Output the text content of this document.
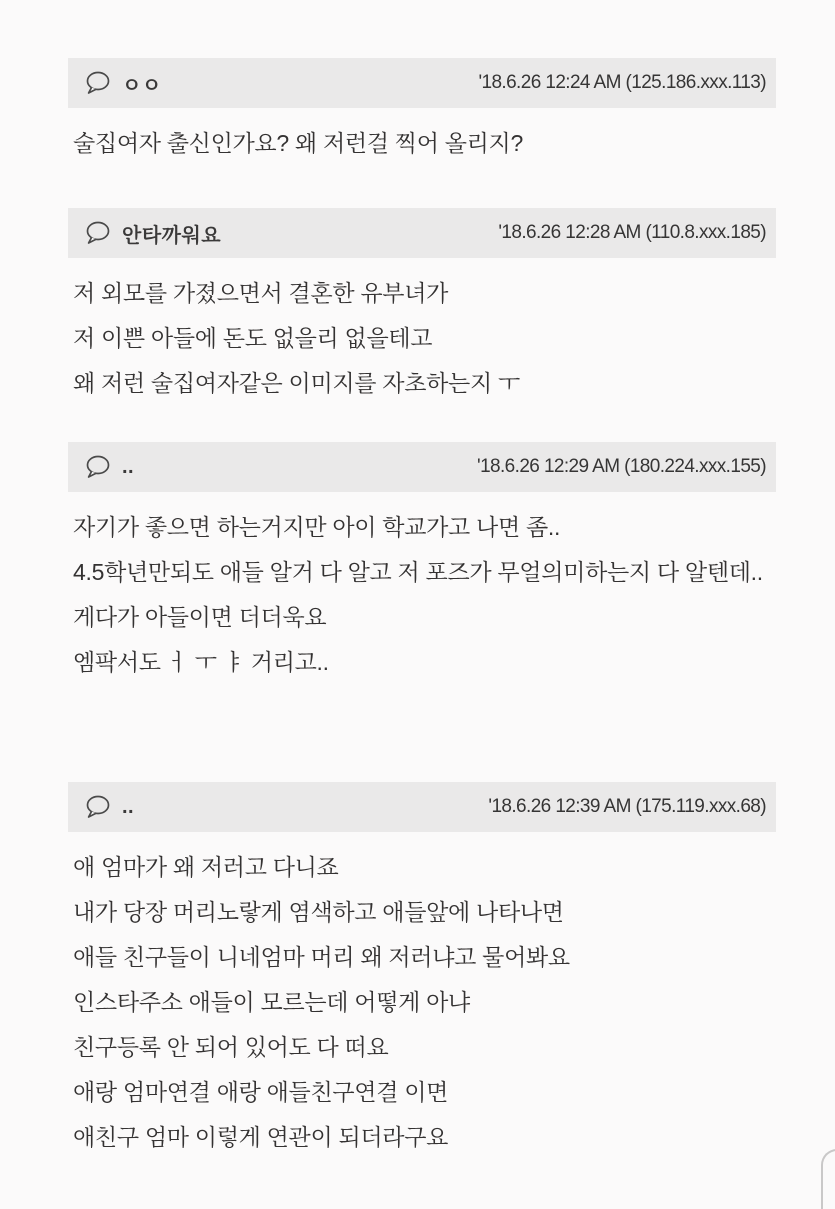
ㅇㅇ	'18.6.26 12:24 AM (125.186.xxx.113)
술집여자 출신인가요? 왜 저런걸 찍어 올리지?
안타까워요	'18.6.26 12:28 AM (110.8.xxx.185)
저 외모를 가졌으면서 결혼한 유부녀가
저 이쁜 아들에 돈도 없을리 없을테고
왜 저런 술집여자같은 이미지를 자초하는지 ㅜ
..	'18.6.26 12:29 AM (180.224.xxx.155)
자기가 좋으면 하는거지만 아이 학교가고 나면 좀..
4.5학년만되도 애들 알거 다 알고 저 포즈가 무얼의미하는지 다 알텐데..
게다가 아들이면 더더욱요
엠팍서도 ㅓ ㅜ ㅑ 거리고..
..	'18.6.26 12:39 AM (175.119.xxx.68)
애 엄마가 왜 저러고 다니죠
내가 당장 머리노랗게 염색하고 애들앞에 나타나면
애들 친구들이 니네엄마 머리 왜 저러냐고 물어봐요
인스타주소 애들이 모르는데 어떻게 아냐
친구등록 안 되어 있어도 다 떠요
애랑 엄마연결 애랑 애들친구연결 이면
애친구 엄마 이렇게 연관이 되더라구요
